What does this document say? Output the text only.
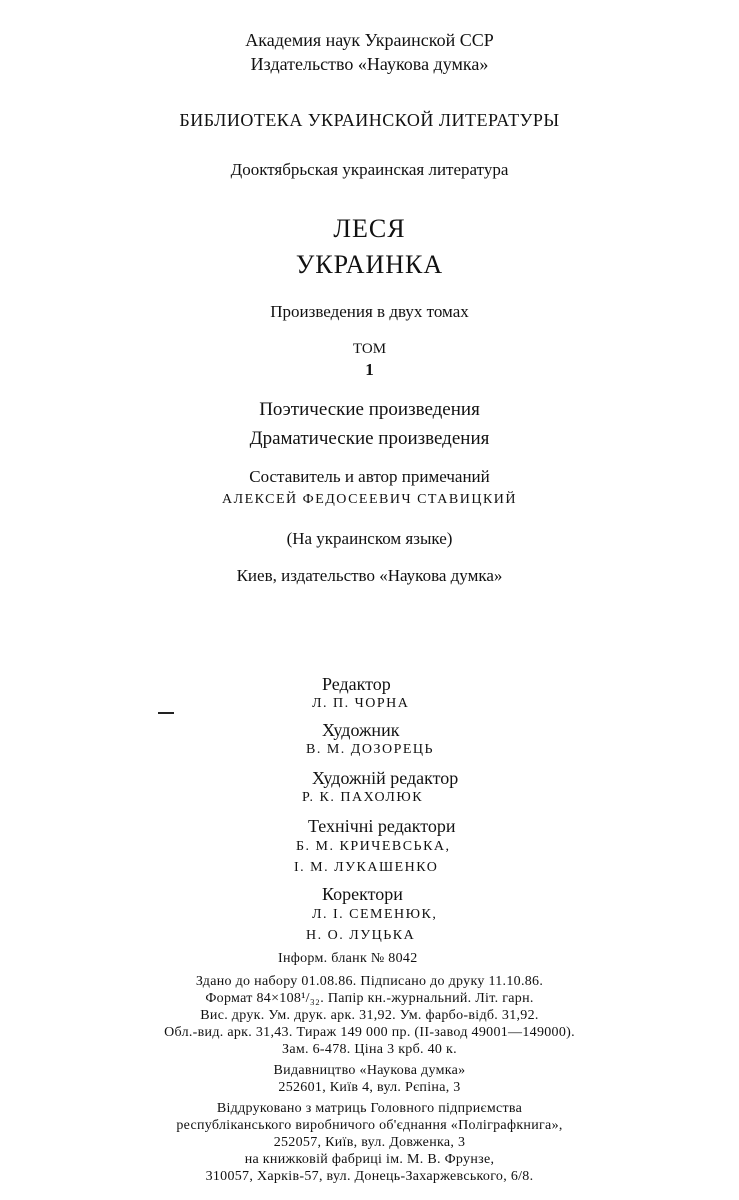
Академия наук Украинской ССР
Издательство «Наукова думка»
БИБЛИОТЕКА УКРАИНСКОЙ ЛИТЕРАТУРЫ
Дооктябрьская украинская литература
ЛЕСЯ
УКРАИНКА
Произведения в двух томах
ТОМ
1
Поэтические произведения
Драматические произведения
Составитель и автор примечаний
АЛЕКСЕЙ ФЕДОСЕЕВИЧ СТАВИЦКИЙ
(На украинском языке)
Киев, издательство «Наукова думка»
Редактор
Л. П. ЧОРНА
Художник
В. М. ДОЗОРЕЦЬ
Художній редактор
Р. К. ПАХОЛЮК
Технічні редактори
Б. М. КРИЧЕВСЬКА,
І. М. ЛУКАШЕНКО
Коректори
Л. І. СЕМЕНЮК,
Н. О. ЛУЦЬКА
Інформ. бланк № 8042
Здано до набору 01.08.86. Підписано до друку 11.10.86.
Формат 84×108¹/₃₂. Папір кн.-журнальний. Літ. гарн.
Вис. друк. Ум. друк. арк. 31,92. Ум. фарбо-відб. 31,92.
Обл.-вид. арк. 31,43. Тираж 149 000 пр. (II-завод 49001—149000).
Зам. 6-478. Ціна 3 крб. 40 к.
Видавництво «Наукова думка»
252601, Київ 4, вул. Рєпіна, 3
Віддруковано з матриць Головного підприємства
республіканського виробничого об'єднання «Поліграфкнига»,
252057, Київ, вул. Довженка, 3
на книжковій фабриці ім. М. В. Фрунзе,
310057, Харків-57, вул. Донець-Захаржевського, 6/8.
